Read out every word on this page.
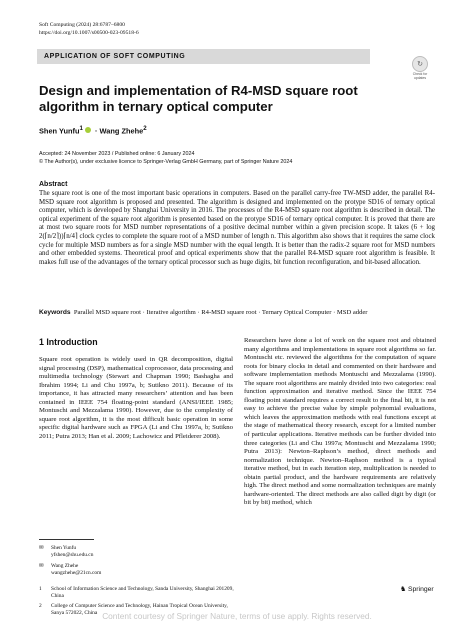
Soft Computing (2024) 28:6787–6800
https://doi.org/10.1007/s00500-023-09518-6
APPLICATION OF SOFT COMPUTING
↻
Check for
updates
Design and implementation of R4-MSD square root algorithm in ternary optical computer
Shen Yunfu$^1$ · Wang Zhehe$^2$
Accepted: 24 November 2023 / Published online: 6 January 2024
© The Author(s), under exclusive licence to Springer-Verlag GmbH Germany, part of Springer Nature 2024
Abstract
The square root is one of the most important basic operations in computers. Based on the parallel carry-free TW-MSD adder, the parallel R4-MSD square root algorithm is proposed and presented. The algorithm is designed and implemented on the protype SD16 of ternary optical computer, which is developed by Shanghai University in 2016. The processes of the R4-MSD square root algorithm is described in detail. The optical experiment of the square root algorithm is presented based on the protype SD16 of ternary optical computer. It is proved that there are at most two square roots for MSD number representations of a positive decimal number within a given precision scope. It takes (6 + log 2(⌈n/2⌉))⌈n/4⌉ clock cycles to complete the square root of a MSD number of length n. This algorithm also shows that it requires the same clock cycle for multiple MSD numbers as for a single MSD number with the equal length. It is better than the radix-2 square root for MSD numbers and other embedded systems. Theoretical proof and optical experiments show that the parallel R4-MSD square root algorithm is feasible. It makes full use of the advantages of the ternary optical processor such as huge digits, bit function reconfiguration, and bit-based allocation.
Keywords Parallel MSD square root · Iterative algorithm · R4-MSD square root · Ternary Optical Computer · MSD adder
1 Introduction
Square root operation is widely used in QR decomposition, digital signal processing (DSP), mathematical coprocessor, data processing and multimedia technology (Stewart and Chapman 1990; Bashagha and Ibrahim 1994; Li and Chu 1997a, b; Sutikno 2011). Because of its importance, it has attracted many researchers’ attention and has been contained in IEEE 754 floating-point standard (ANSI/IEEE 1985; Montuschi and Mezzalama 1990). However, due to the complexity of square root algorithm, it is the most difficult basic operation in some specific digital hardware such as FPGA (Li and Chu 1997a, b; Sutikno 2011; Putra 2013; Han et al. 2009; Lachowicz and Pfleiderer 2008).
Researchers have done a lot of work on the square root and obtained many algorithms and implementations in square root algorithms so far. Montuschi etc. reviewed the algorithms for the computation of square roots for binary clocks in detail and commented on their hardware and software implementation methods Montuschi and Mezzalama (1990). The square root algorithms are mainly divided into two categories: real function approximation and iterative method. Since the IEEE 754 floating point standard requires a correct result to the final bit, it is not easy to achieve the precise value by simple polynomial evaluations, which leaves the approximation methods with real functions except at the stage of mathematical theory research, except for a limited number of particular applications. Iterative methods can be further divided into three categories (Li and Chu 1997a; Montuschi and Mezzalama 1990; Putra 2013): Newton–Raphson’s method, direct methods and normalization technique. Newton–Raphson method is a typical iterative method, but in each iteration step, multiplication is needed to obtain partial product, and the hardware requirements are relatively high. The direct method and some normalization techniques are mainly hardware-oriented. The direct methods are also called digit by digit (or bit by bit) method, which
✉ Shen Yunfu
yfshen@shu.edu.cn
✉ Wang Zhehe
wangzhehe@21cn.com
1 School of Information Science and Technology, Sanda University, Shanghai 201209, China
2 College of Computer Science and Technology, Hainan Tropical Ocean University, Sanya 572022, China
♞ Springer
Content courtesy of Springer Nature, terms of use apply. Rights reserved.
